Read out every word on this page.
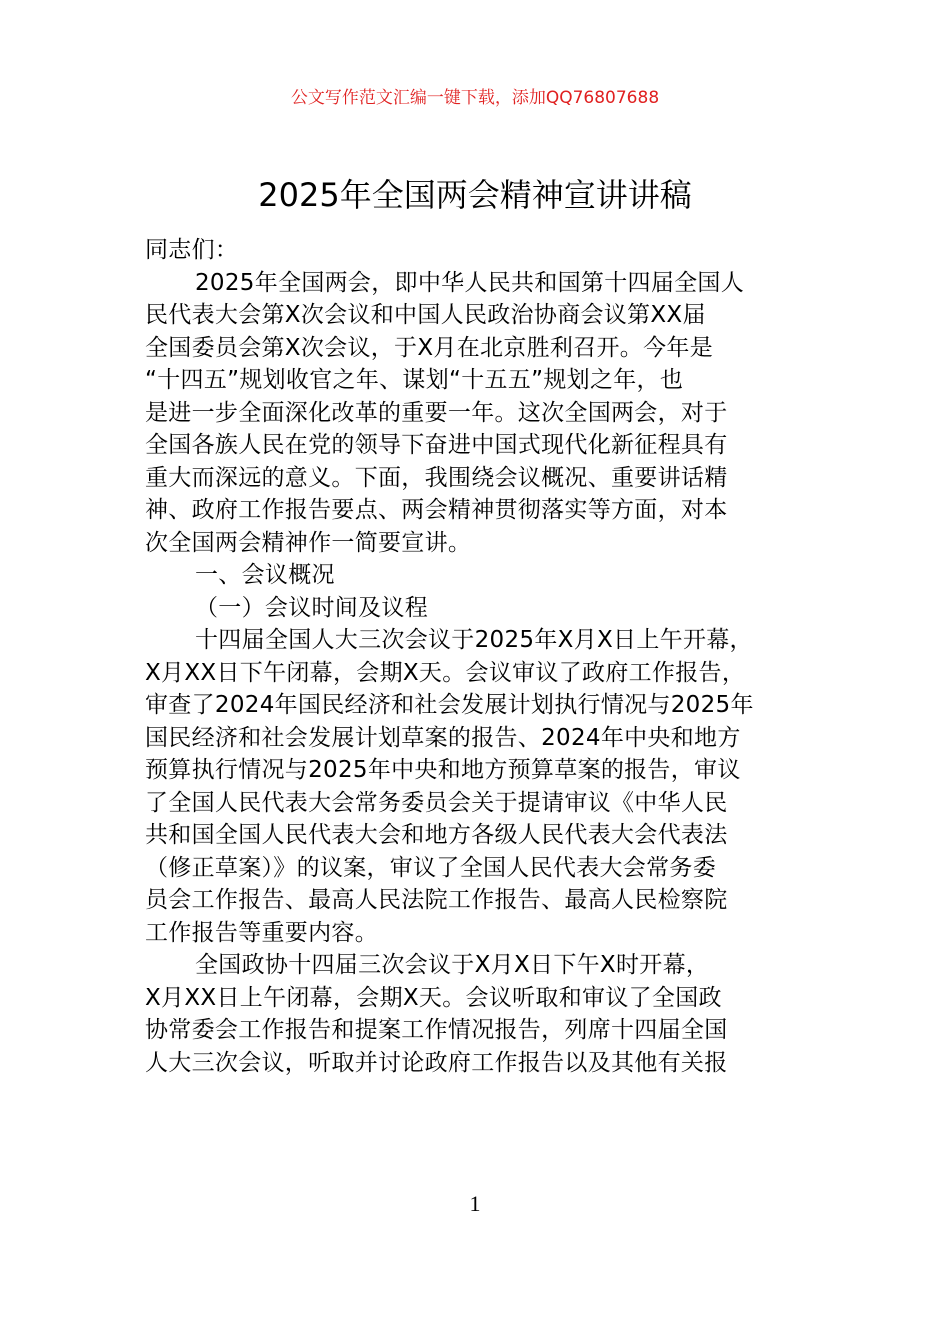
公文写作范文汇编一键下载，添加QQ76807688
2025年全国两会精神宣讲讲稿
同志们：
2025年全国两会，即中华人民共和国第十四届全国人
民代表大会第X次会议和中国人民政治协商会议第XX届
全国委员会第X次会议，于X月在北京胜利召开。今年是
“十四五”规划收官之年、谋划“十五五”规划之年，也
是进一步全面深化改革的重要一年。这次全国两会，对于
全国各族人民在党的领导下奋进中国式现代化新征程具有
重大而深远的意义。下面，我围绕会议概况、重要讲话精
神、政府工作报告要点、两会精神贯彻落实等方面，对本
次全国两会精神作一简要宣讲。
一、会议概况
（一）会议时间及议程
十四届全国人大三次会议于2025年X月X日上午开幕，
X月XX日下午闭幕，会期X天。会议审议了政府工作报告，
审查了2024年国民经济和社会发展计划执行情况与2025年
国民经济和社会发展计划草案的报告、2024年中央和地方
预算执行情况与2025年中央和地方预算草案的报告，审议
了全国人民代表大会常务委员会关于提请审议《中华人民
共和国全国人民代表大会和地方各级人民代表大会代表法
（修正草案）》的议案，审议了全国人民代表大会常务委
员会工作报告、最高人民法院工作报告、最高人民检察院
工作报告等重要内容。
全国政协十四届三次会议于X月X日下午X时开幕，
X月XX日上午闭幕，会期X天。会议听取和审议了全国政
协常委会工作报告和提案工作情况报告，列席十四届全国
人大三次会议，听取并讨论政府工作报告以及其他有关报
1
